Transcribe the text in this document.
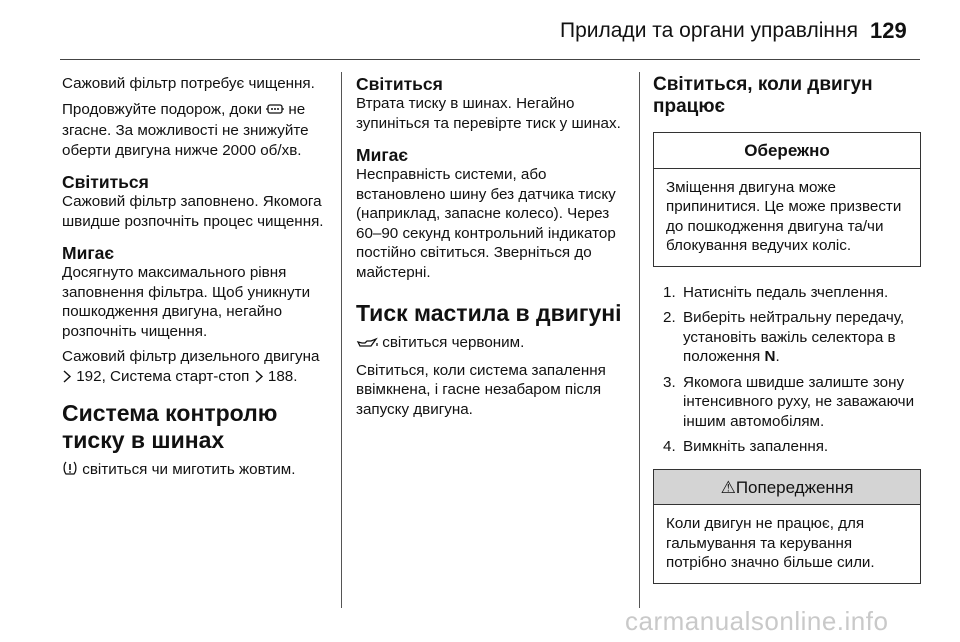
Прилади та органи управління 129

Сажовий фільтр потребує чищення.

Продовжуйте подорож, доки не згасне. За можливості не знижуйте оберти двигуна нижче 2000 об/хв.

Світиться

Сажовий фільтр заповнено. Якомога швидше розпочніть процес чищення.

Мигає

Досягнуто максимального рівня заповнення фільтра. Щоб уникнути пошкодження двигуна, негайно розпочніть чищення.

Сажовий фільтр дизельного двигуна  192, Система старт-стоп 188.

Система контролю тиску в шинах

світиться чи миготить жовтим.

Світиться

Втрата тиску в шинах. Негайно зупиніться та перевірте тиск у шинах.

Мигає

Несправність системи, або встановлено шину без датчика тиску (наприклад, запасне колесо). Через 60–90 секунд контрольний індикатор постійно світиться. Зверніться до майстерні.

Тиск мастила в двигуні

світиться червоним.

Світиться, коли система запалення ввімкнена, і гасне незабаром після запуску двигуна.

Світиться, коли двигун працює
Обережно
Зміщення двигуна може припинитися. Це може призвести до пошкодження двигуна та/чи блокування ведучих коліс.
1. Натисніть педаль зчеплення.
2. Виберіть нейтральну передачу, установіть важіль селектора в положення N.
3. Якомога швидше залиште зону інтенсивного руху, не заважаючи іншим автомобілям.
4. Вимкніть запалення.
⚠Попередження
Коли двигун не працює, для гальмування та керування потрібно значно більше сили.
carmanualsonline.info
